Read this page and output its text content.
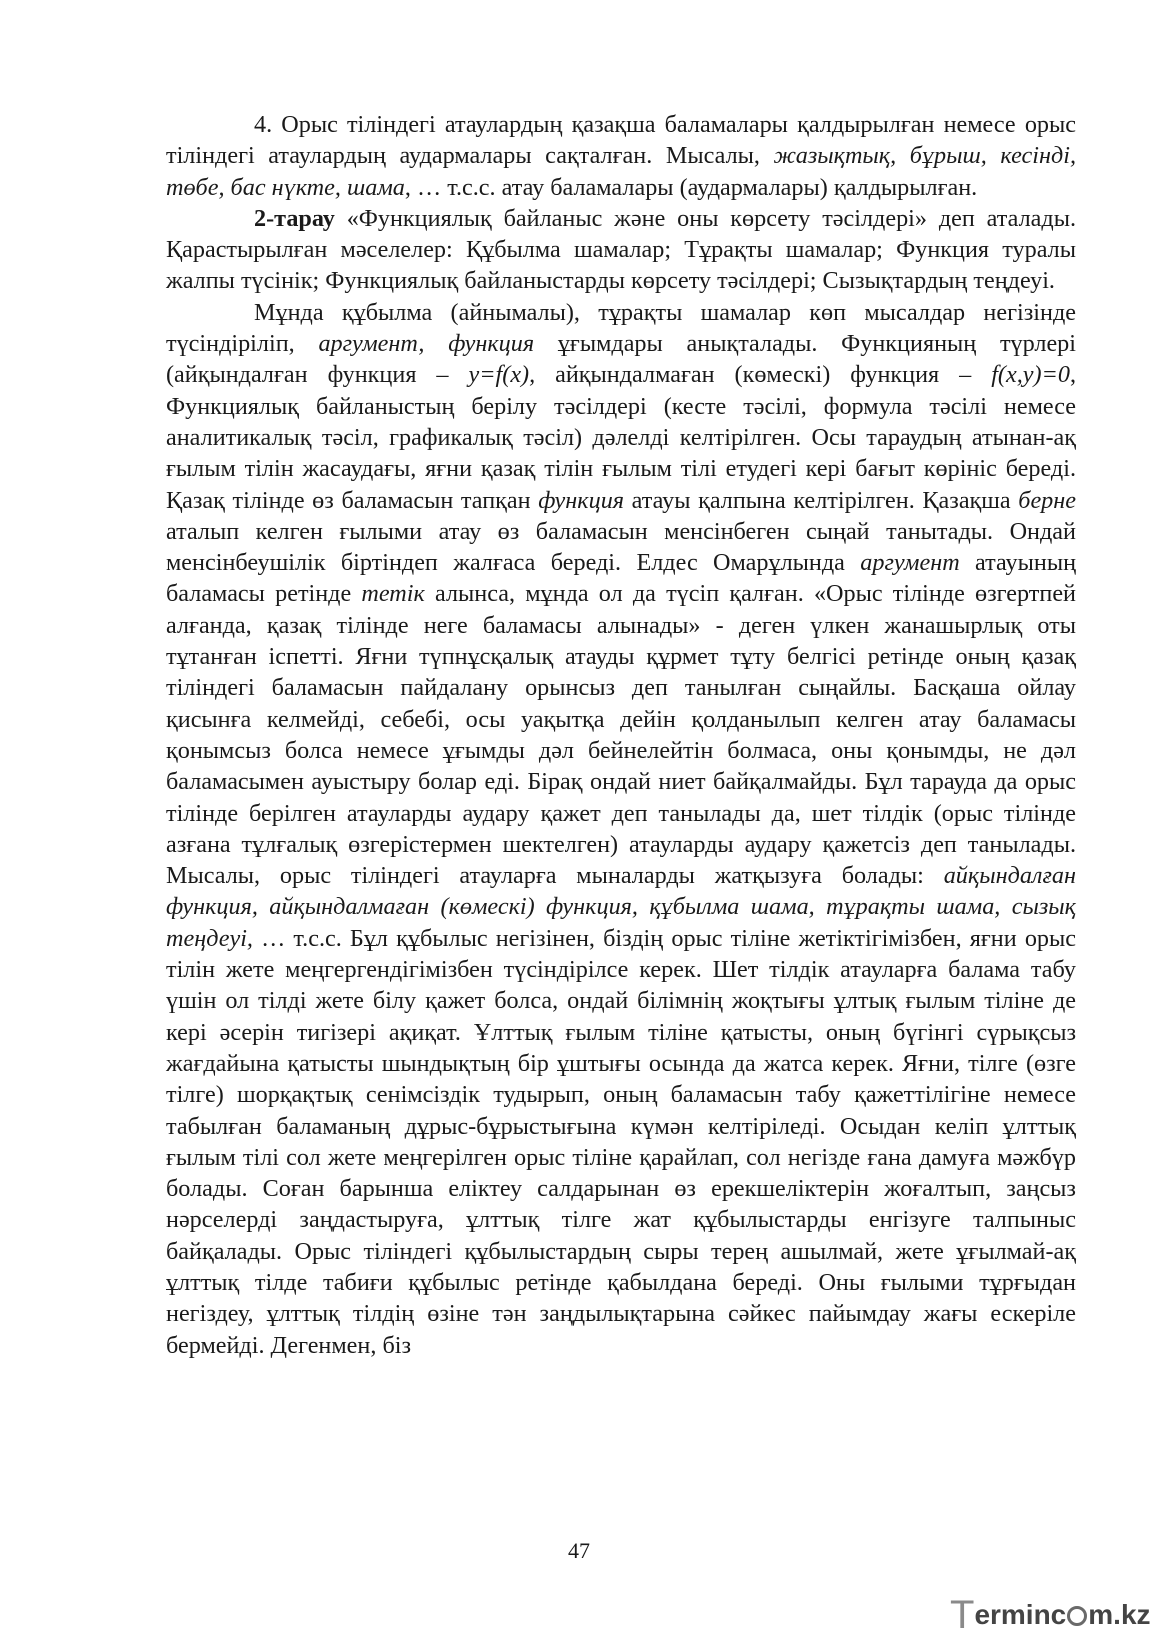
4. Орыс тіліндегі атаулардың қазақша баламалары қалдырылған немесе орыс тіліндегі атаулардың аудармалары сақталған. Мысалы, жазықтық, бұрыш, кесінді, төбе, бас нүкте, шама, … т.с.с. атау баламалары (аудармалары) қалдырылған.

2-тарау «Функциялық байланыс және оны көрсету тәсілдері» деп аталады. Қарастырылған мәселелер: Құбылма шамалар; Тұрақты шамалар; Функция туралы жалпы түсінік; Функциялық байланыстарды көрсету тәсілдері; Сызықтардың теңдеуі.

Мұнда құбылма (айнымалы), тұрақты шамалар көп мысалдар негізінде түсіндіріліп, аргумент, функция ұғымдары анықталады. Функцияның түрлері (айқындалған функция – y=f(x), айқындалмаған (көмескі) функция – f(x,y)=0, Функциялық байланыстың берілу тәсілдері (кесте тәсілі, формула тәсілі немесе аналитикалық тәсіл, графикалық тәсіл) дәлелді келтірілген. Осы тараудың атынан-ақ ғылым тілін жасаудағы, яғни қазақ тілін ғылым тілі етудегі кері бағыт көрініс береді. Қазақ тілінде өз баламасын тапқан функция атауы қалпына келтірілген. Қазақша берне аталып келген ғылыми атау өз баламасын менсінбеген сыңай танытады. Ондай менсінбеушілік біртіндеп жалғаса береді. Елдес Омарұлында аргумент атауының баламасы ретінде тетік алынса, мұнда ол да түсіп қалған. «Орыс тілінде өзгертпей алғанда, қазақ тілінде неге баламасы алынады» - деген үлкен жанашырлық оты тұтанған іспетті. Яғни түпнұсқалық атауды құрмет тұту белгісі ретінде оның қазақ тіліндегі баламасын пайдалану орынсыз деп танылған сыңайлы. Басқаша ойлау қисынға келмейді, себебі, осы уақытқа дейін қолданылып келген атау баламасы қонымсыз болса немесе ұғымды дәл бейнелейтін болмаса, оны қонымды, не дәл баламасымен ауыстыру болар еді. Бірақ ондай ниет байқалмайды. Бұл тарауда да орыс тілінде берілген атауларды аудару қажет деп танылады да, шет тілдік (орыс тілінде азғана тұлғалық өзгерістермен шектелген) атауларды аудару қажетсіз деп танылады. Мысалы, орыс тіліндегі атауларға мыналарды жатқызуға болады: айқындалған функция, айқындалмаған (көмескі) функция, құбылма шама, тұрақты шама, сызық теңдеуі, … т.с.с. Бұл құбылыс негізінен, біздің орыс тіліне жетіктігімізбен, яғни орыс тілін жете меңгергендігімізбен түсіндірілсе керек. Шет тілдік атауларға балама табу үшін ол тілді жете білу қажет болса, ондай білімнің жоқтығы ұлтық ғылым тіліне де кері әсерін тигізері ақиқат. Ұлттық ғылым тіліне қатысты, оның бүгінгі сүрықсыз жағдайына қатысты шындықтың бір ұштығы осында да жатса керек. Яғни, тілге (өзге тілге) шорқақтық сенімсіздік тудырып, оның баламасын табу қажеттілігіне немесе табылған баламаның дұрыс-бұрыстығына күмән келтіріледі. Осыдан келіп ұлттық ғылым тілі сол жете меңгерілген орыс тіліне қарайлап, сол негізде ғана дамуға мәжбүр болады. Соған барынша еліктеу салдарынан өз ерекшеліктерін жоғалтып, заңсыз нәрселерді заңдастыруға, ұлттық тілге жат құбылыстарды енгізуге талпыныс байқалады. Орыс тіліндегі құбылыстардың сыры терең ашылмай, жете ұғылмай-ақ ұлттық тілде табиғи құбылыс ретінде қабылдана береді. Оны ғылыми тұрғыдан негіздеу, ұлттық тілдің өзіне тән заңдылықтарына сәйкес пайымдау жағы ескеріле бермейді. Дегенмен, біз

47
Terminc m.kz
